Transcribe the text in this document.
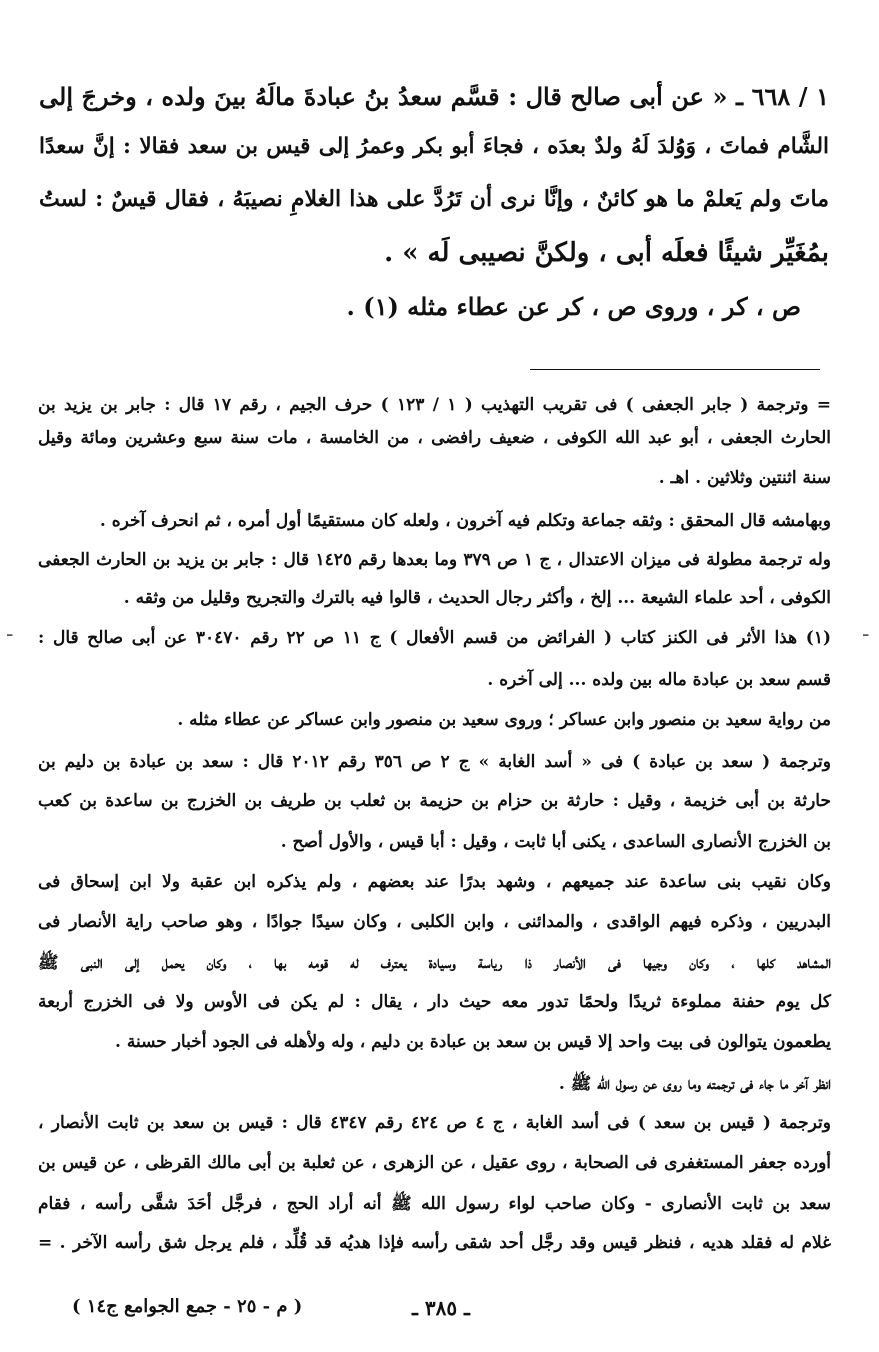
١ / ٦٦٨ ـ « عن أبى صالح قال : قسَّم سعدُ بنُ عبادةَ مالَهُ بينَ ولده ، وخرجَ إلى
الشَّام فماتَ ، وَوُلدَ لَهُ ولدٌ بعدَه ، فجاءَ أبو بكر وعمرُ إلى قيس بن سعد فقالا : إنَّ سعدًا
ماتَ ولم يَعلمْ ما هو كائنٌ ، وإنَّا نرى أن تَرُدَّ على هذا الغلامِ نصيبَهُ ، فقال قيسٌ : لستُ
بمُغَيِّر شيئًا فعلَه أبى ، ولكنَّ نصيبى لَه » .
ص ، كر ، وروى ص ، كر عن عطاء مثله (١) .
= وترجمة ( جابر الجعفى ) فى تقريب التهذيب ( ١ / ١٢٣ ) حرف الجيم ، رقم ١٧ قال : جابر بن يزيد بن
الحارث الجعفى ، أبو عبد الله الكوفى ، ضعيف رافضى ، من الخامسة ، مات سنة سبع وعشرين ومائة وقيل
سنة اثنتين وثلاثين . اهـ .
وبهامشه قال المحقق : وثقه جماعة وتكلم فيه آخرون ، ولعله كان مستقيمًا أول أمره ، ثم انحرف آخره .
وله ترجمة مطولة فى ميزان الاعتدال ، ج ١ ص ٣٧٩ وما بعدها رقم ١٤٢٥ قال : جابر بن يزيد بن الحارث الجعفى
الكوفى ، أحد علماء الشيعة ... إلخ ، وأكثر رجال الحديث ، قالوا فيه بالترك والتجريح وقليل من وثقه .
(١) هذا الأثر فى الكنز كتاب ( الفرائض من قسم الأفعال ) ج ١١ ص ٢٢ رقم ٣٠٤٧٠ عن أبى صالح قال :
قسم سعد بن عبادة ماله بين ولده ... إلى آخره .
من رواية سعيد بن منصور وابن عساكر ؛ وروى سعيد بن منصور وابن عساكر عن عطاء مثله .
وترجمة ( سعد بن عبادة ) فى « أسد الغابة » ج ٢ ص ٣٥٦ رقم ٢٠١٢ قال : سعد بن عبادة بن دليم بن
حارثة بن أبى خزيمة ، وقيل : حارثة بن حزام بن حزيمة بن ثعلب بن طريف بن الخزرج بن ساعدة بن كعب
بن الخزرج الأنصارى الساعدى ، يكنى أبا ثابت ، وقيل : أبا قيس ، والأول أصح .
وكان نقيب بنى ساعدة عند جميعهم ، وشهد بدرًا عند بعضهم ، ولم يذكره ابن عقبة ولا ابن إسحاق فى
البدريين ، وذكره فيهم الواقدى ، والمدائنى ، وابن الكلبى ، وكان سيدًا جوادًا ، وهو صاحب راية الأنصار فى
المشاهد كلها ، وكان وجيها فى الأنصار ذا رياسة وسيادة يعترف له قومه بها ، وكان يحمل إلى النبى ﷺ
كل يوم حفنة مملوءة ثريدًا ولحمًا تدور معه حيث دار ، يقال : لم يكن فى الأوس ولا فى الخزرج أربعة
يطعمون يتوالون فى بيت واحد إلا قيس بن سعد بن عبادة بن دليم ، وله ولأهله فى الجود أخبار حسنة .
انظر آخر ما جاء فى ترجمته وما روى عن رسول الله ﷺ .
وترجمة ( قيس بن سعد ) فى أسد الغابة ، ج ٤ ص ٤٢٤ رقم ٤٣٤٧ قال : قيس بن سعد بن ثابت الأنصار ،
أورده جعفر المستغفرى فى الصحابة ، روى عقيل ، عن الزهرى ، عن ثعلبة بن أبى مالك القرظى ، عن قيس بن
سعد بن ثابت الأنصارى - وكان صاحب لواء رسول الله ﷺ أنه أراد الحج ، فرجَّل أحَدَ شقَّى رأسه ، فقام
غلام له فقلد هديه ، فنظر قيس وقد رجَّل أحد شقى رأسه فإذا هديُه قد قُلِّد ، فلم يرجل شق رأسه الآخر . =
-	-
ـ ٣٨٥ ـ
( م - ٢٥ - جمع الجوامع ج١٤ )
